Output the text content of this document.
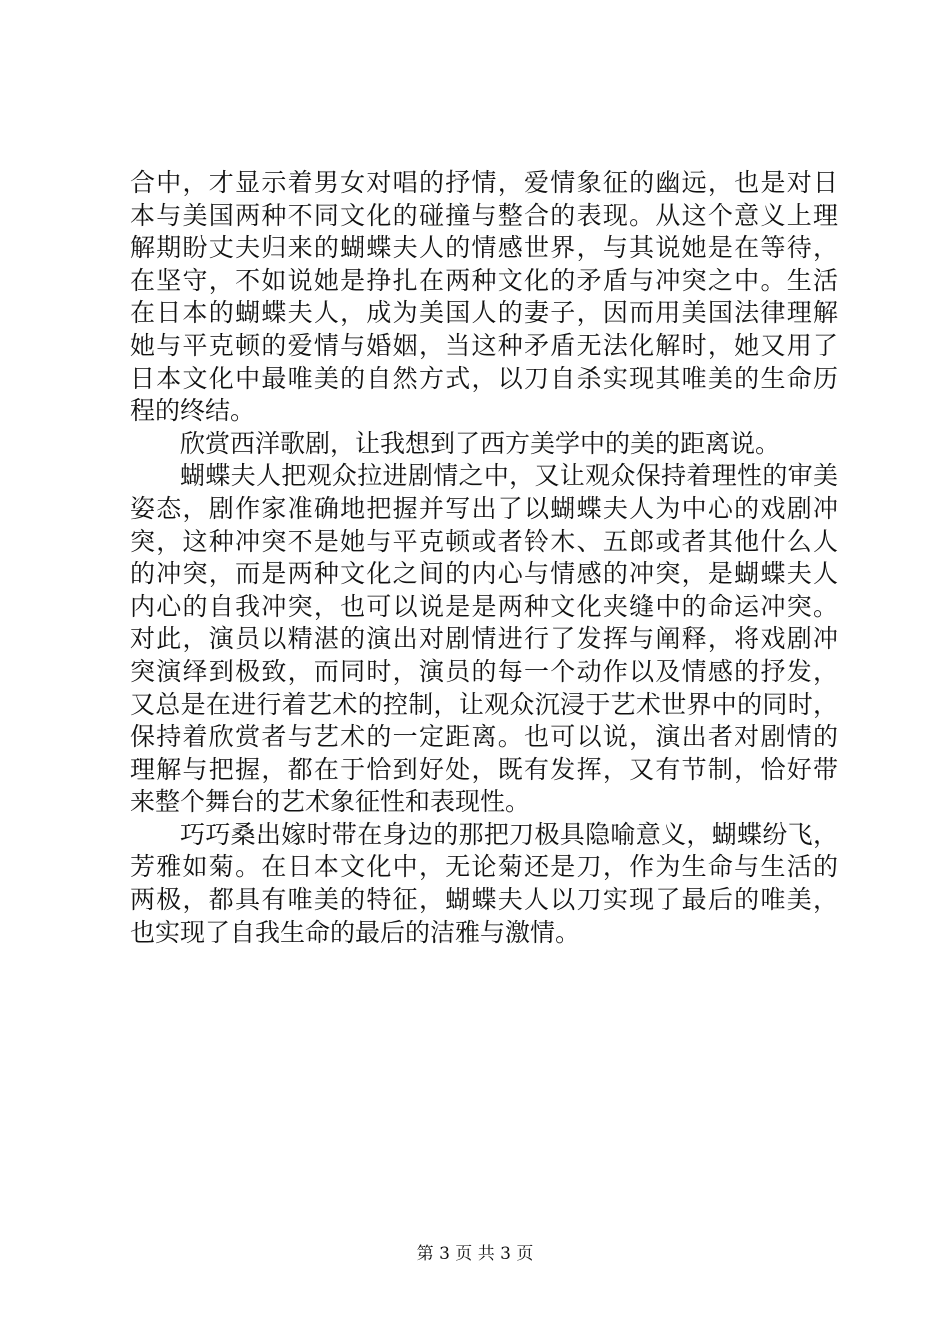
合中，才显示着男女对唱的抒情，爱情象征的幽远，也是对日
本与美国两种不同文化的碰撞与整合的表现。从这个意义上理
解期盼丈夫归来的蝴蝶夫人的情感世界，与其说她是在等待，
在坚守，不如说她是挣扎在两种文化的矛盾与冲突之中。生活
在日本的蝴蝶夫人，成为美国人的妻子，因而用美国法律理解
她与平克顿的爱情与婚姻，当这种矛盾无法化解时，她又用了
日本文化中最唯美的自然方式，以刀自杀实现其唯美的生命历
程的终结。
欣赏西洋歌剧，让我想到了西方美学中的美的距离说。
蝴蝶夫人把观众拉进剧情之中，又让观众保持着理性的审美
姿态，剧作家准确地把握并写出了以蝴蝶夫人为中心的戏剧冲
突，这种冲突不是她与平克顿或者铃木、五郎或者其他什么人
的冲突，而是两种文化之间的内心与情感的冲突，是蝴蝶夫人
内心的自我冲突，也可以说是是两种文化夹缝中的命运冲突。
对此，演员以精湛的演出对剧情进行了发挥与阐释，将戏剧冲
突演绎到极致，而同时，演员的每一个动作以及情感的抒发，
又总是在进行着艺术的控制，让观众沉浸于艺术世界中的同时，
保持着欣赏者与艺术的一定距离。也可以说，演出者对剧情的
理解与把握，都在于恰到好处，既有发挥，又有节制，恰好带
来整个舞台的艺术象征性和表现性。
巧巧桑出嫁时带在身边的那把刀极具隐喻意义，蝴蝶纷飞，
芳雅如菊。在日本文化中，无论菊还是刀，作为生命与生活的
两极，都具有唯美的特征，蝴蝶夫人以刀实现了最后的唯美，
也实现了自我生命的最后的洁雅与激情。
第 3 页 共 3 页
